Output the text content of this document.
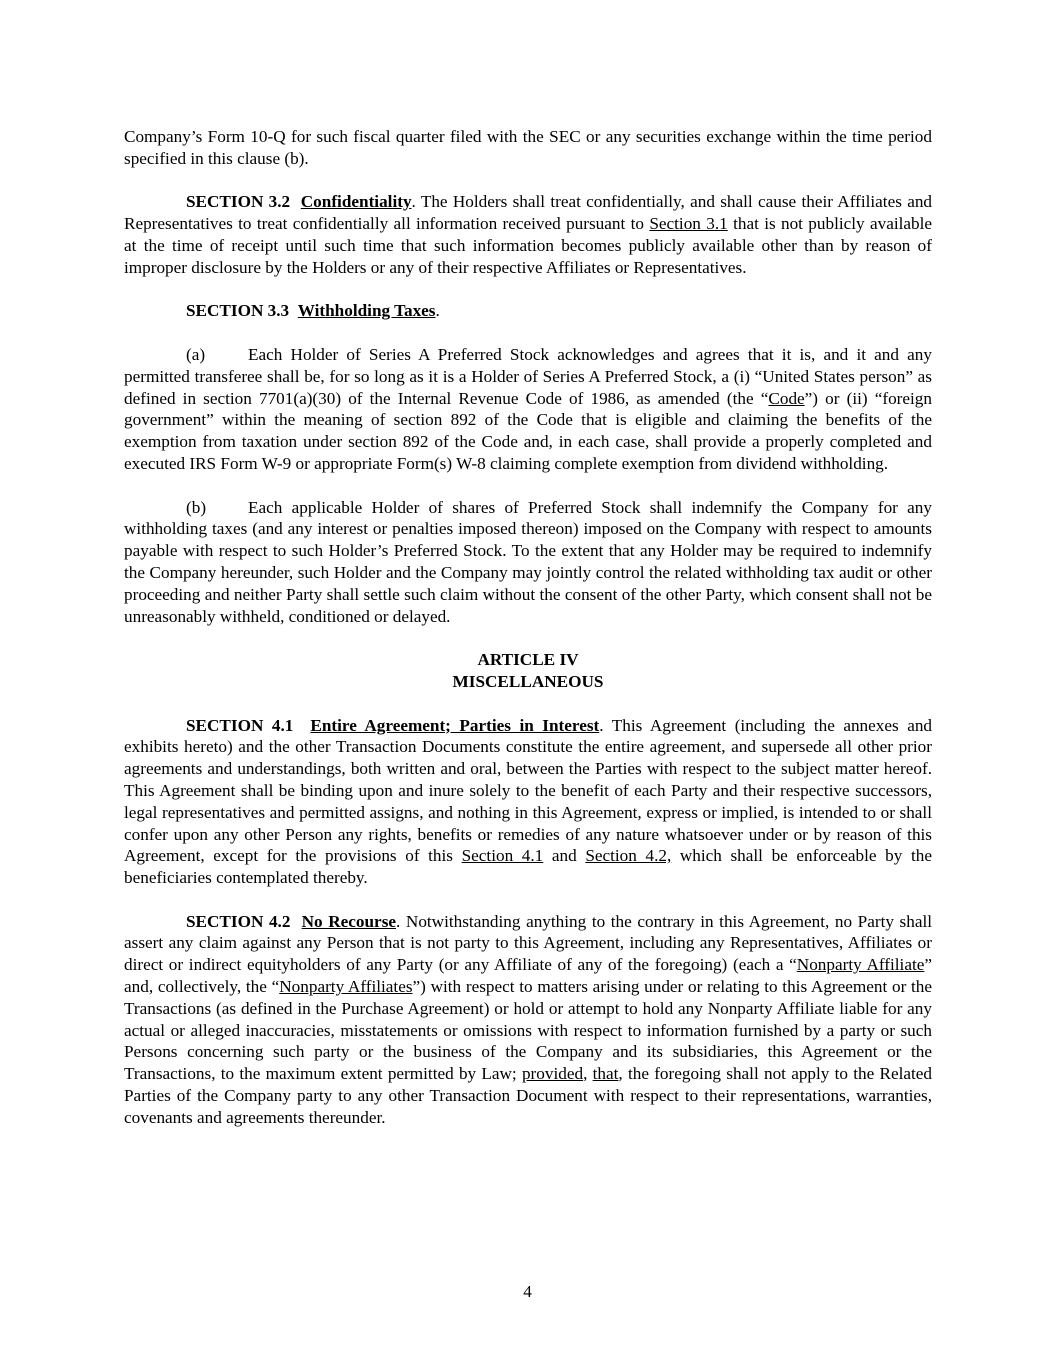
Company’s Form 10-Q for such fiscal quarter filed with the SEC or any securities exchange within the time period specified in this clause (b).

SECTION 3.2 Confidentiality. The Holders shall treat confidentially, and shall cause their Affiliates and Representatives to treat confidentially all information received pursuant to Section 3.1 that is not publicly available at the time of receipt until such time that such information becomes publicly available other than by reason of improper disclosure by the Holders or any of their respective Affiliates or Representatives.

SECTION 3.3 Withholding Taxes.

(a) Each Holder of Series A Preferred Stock acknowledges and agrees that it is, and it and any permitted transferee shall be, for so long as it is a Holder of Series A Preferred Stock, a (i) “United States person” as defined in section 7701(a)(30) of the Internal Revenue Code of 1986, as amended (the “Code”) or (ii) “foreign government” within the meaning of section 892 of the Code that is eligible and claiming the benefits of the exemption from taxation under section 892 of the Code and, in each case, shall provide a properly completed and executed IRS Form W-9 or appropriate Form(s) W-8 claiming complete exemption from dividend withholding.

(b) Each applicable Holder of shares of Preferred Stock shall indemnify the Company for any withholding taxes (and any interest or penalties imposed thereon) imposed on the Company with respect to amounts payable with respect to such Holder’s Preferred Stock. To the extent that any Holder may be required to indemnify the Company hereunder, such Holder and the Company may jointly control the related withholding tax audit or other proceeding and neither Party shall settle such claim without the consent of the other Party, which consent shall not be unreasonably withheld, conditioned or delayed.

ARTICLE IV
MISCELLANEOUS

SECTION 4.1 Entire Agreement; Parties in Interest. This Agreement (including the annexes and exhibits hereto) and the other Transaction Documents constitute the entire agreement, and supersede all other prior agreements and understandings, both written and oral, between the Parties with respect to the subject matter hereof. This Agreement shall be binding upon and inure solely to the benefit of each Party and their respective successors, legal representatives and permitted assigns, and nothing in this Agreement, express or implied, is intended to or shall confer upon any other Person any rights, benefits or remedies of any nature whatsoever under or by reason of this Agreement, except for the provisions of this Section 4.1 and Section 4.2, which shall be enforceable by the beneficiaries contemplated thereby.

SECTION 4.2 No Recourse. Notwithstanding anything to the contrary in this Agreement, no Party shall assert any claim against any Person that is not party to this Agreement, including any Representatives, Affiliates or direct or indirect equityholders of any Party (or any Affiliate of any of the foregoing) (each a “Nonparty Affiliate” and, collectively, the “Nonparty Affiliates”) with respect to matters arising under or relating to this Agreement or the Transactions (as defined in the Purchase Agreement) or hold or attempt to hold any Nonparty Affiliate liable for any actual or alleged inaccuracies, misstatements or omissions with respect to information furnished by a party or such Persons concerning such party or the business of the Company and its subsidiaries, this Agreement or the Transactions, to the maximum extent permitted by Law; provided, that, the foregoing shall not apply to the Related Parties of the Company party to any other Transaction Document with respect to their representations, warranties, covenants and agreements thereunder.

4
